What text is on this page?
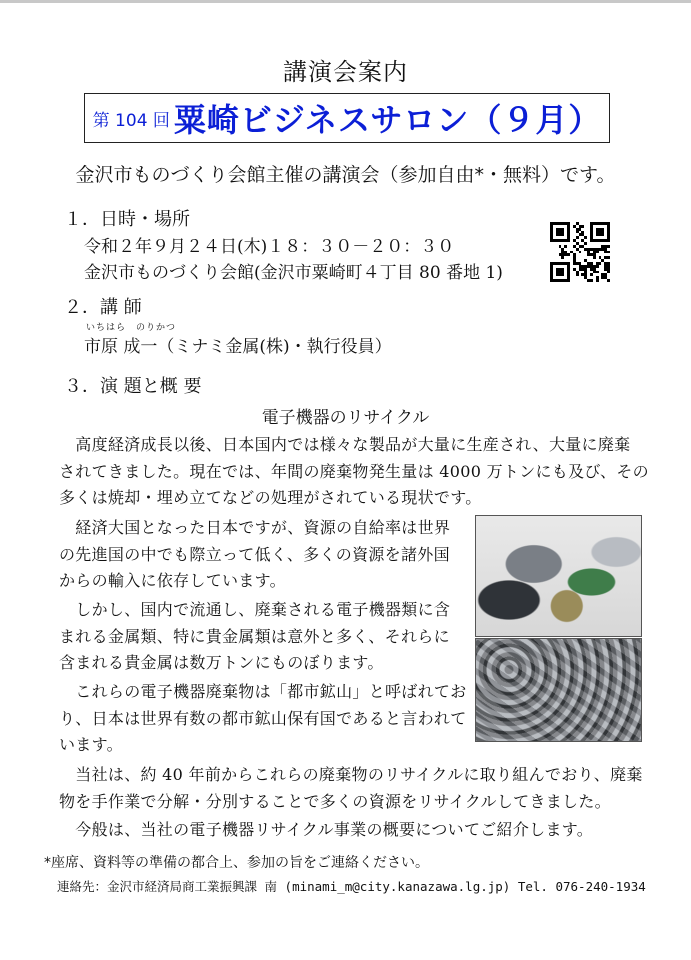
講演会案内
第 104 回 粟崎ビジネスサロン（９月）
金沢市ものづくり会館主催の講演会（参加自由*・無料）です。
１．日時・場所
令和２年９月２４日(木)１８：３０－２０：３０
金沢市ものづくり会館(金沢市粟崎町４丁目 80 番地 1)
２．講 師
いちはら　のりかつ
市原 成一（ミナミ金属(株)・執行役員）
３．演 題と概 要
電子機器のリサイクル
　高度経済成長以後、日本国内では様々な製品が大量に生産され、大量に廃棄
されてきました。現在では、年間の廃棄物発生量は 4000 万トンにも及び、その
多くは焼却・埋め立てなどの処理がされている現状です。
　経済大国となった日本ですが、資源の自給率は世界
の先進国の中でも際立って低く、多くの資源を諸外国
からの輸入に依存しています。
　しかし、国内で流通し、廃棄される電子機器類に含
まれる金属類、特に貴金属類は意外と多く、それらに
含まれる貴金属は数万トンにものぼります。
　これらの電子機器廃棄物は「都市鉱山」と呼ばれてお
り、日本は世界有数の都市鉱山保有国であると言われて
います。
　当社は、約 40 年前からこれらの廃棄物のリサイクルに取り組んでおり、廃棄
物を手作業で分解・分別することで多くの資源をリサイクルしてきました。
　今般は、当社の電子機器リサイクル事業の概要についてご紹介します。
*座席、資料等の準備の都合上、参加の旨をご連絡ください。
連絡先：金沢市経済局商工業振興課 南 (minami_m@city.kanazawa.lg.jp) Tel. 076-240-1934
